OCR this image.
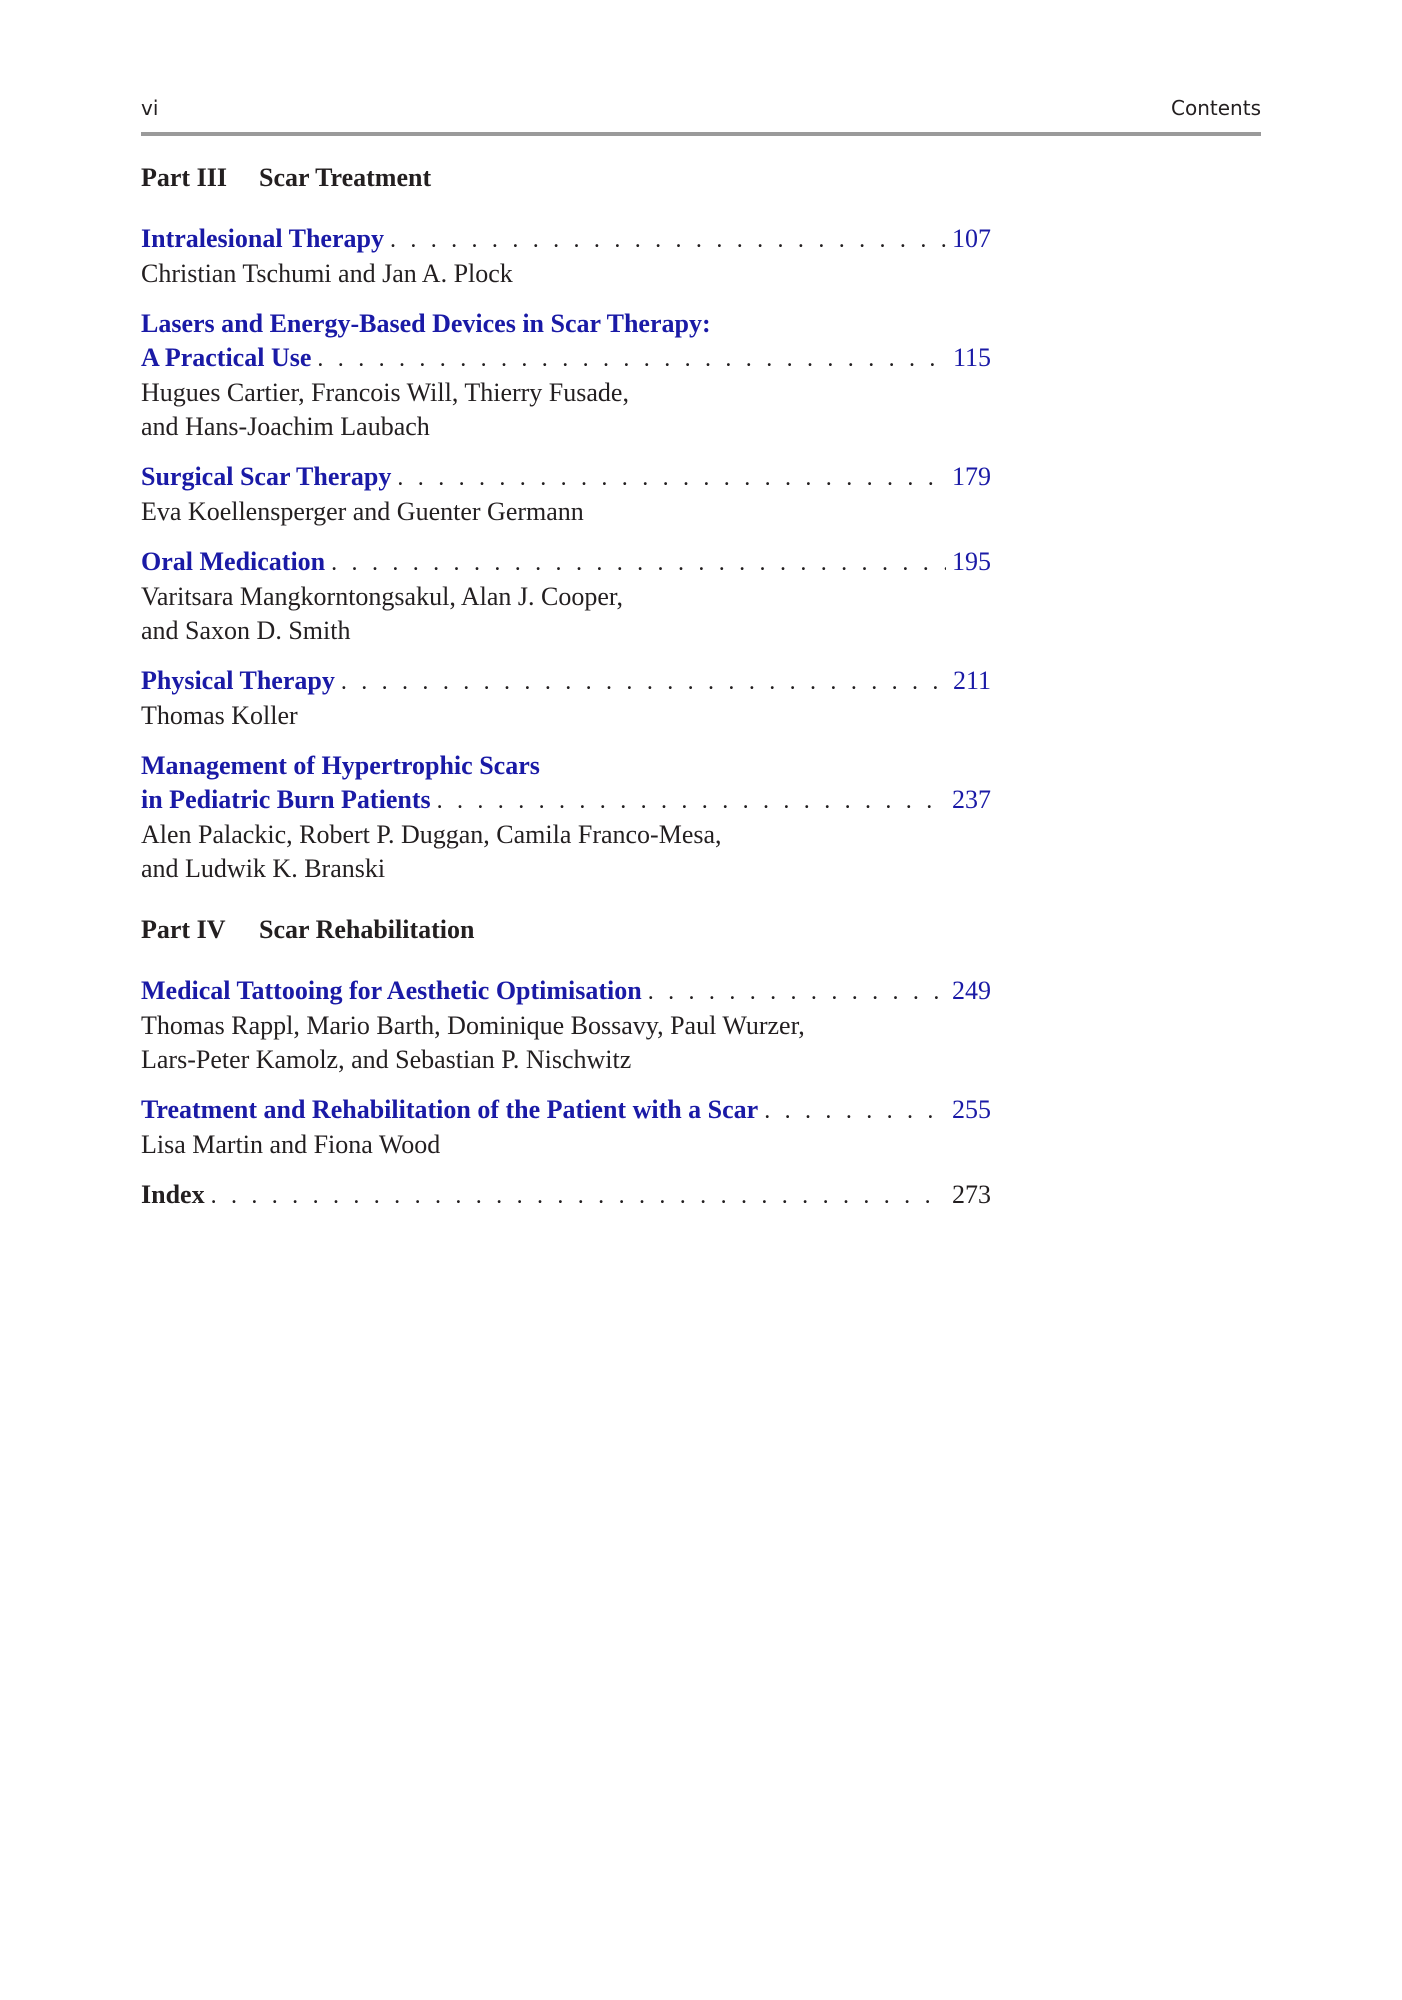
vi	Contents
Part III Scar Treatment
Intralesional Therapy . . .	107
Christian Tschumi and Jan A. Plock
Lasers and Energy-Based Devices in Scar Therapy:
A Practical Use . . .	115
Hugues Cartier, Francois Will, Thierry Fusade,
and Hans-Joachim Laubach
Surgical Scar Therapy . . .	179
Eva Koellensperger and Guenter Germann
Oral Medication . . .	195
Varitsara Mangkorntongsakul, Alan J. Cooper,
and Saxon D. Smith
Physical Therapy . . .	211
Thomas Koller
Management of Hypertrophic Scars
in Pediatric Burn Patients . . .	237
Alen Palackic, Robert P. Duggan, Camila Franco-Mesa,
and Ludwik K. Branski
Part IV Scar Rehabilitation
Medical Tattooing for Aesthetic Optimisation . . .	249
Thomas Rappl, Mario Barth, Dominique Bossavy, Paul Wurzer,
Lars-Peter Kamolz, and Sebastian P. Nischwitz
Treatment and Rehabilitation of the Patient with a Scar . . .	255
Lisa Martin and Fiona Wood
Index . . .	273
